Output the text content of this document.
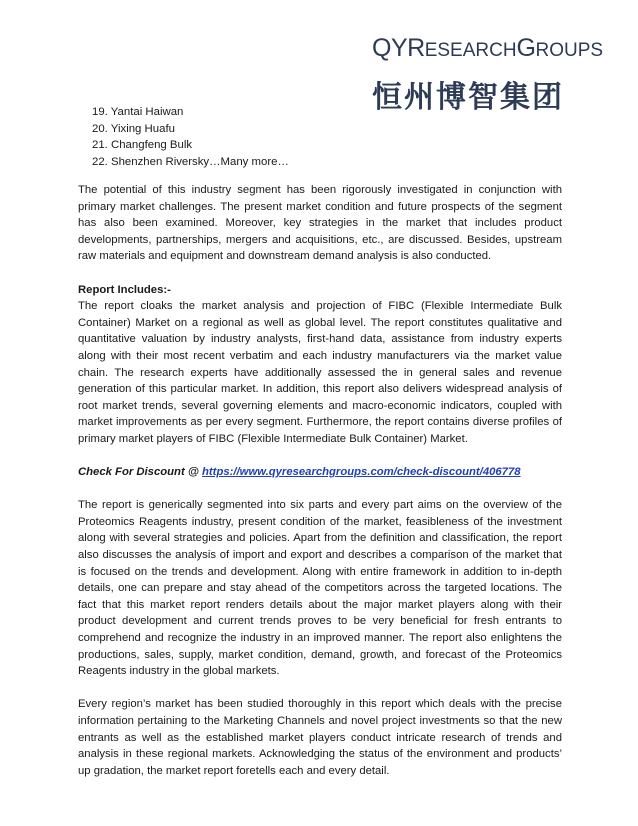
QYRESEARCHGROUPS
恒州博智集团
19. Yantai Haiwan
20. Yixing Huafu
21. Changfeng Bulk
22. Shenzhen Riversky…Many more…

The potential of this industry segment has been rigorously investigated in conjunction with primary market challenges. The present market condition and future prospects of the segment has also been examined. Moreover, key strategies in the market that includes product developments, partnerships, mergers and acquisitions, etc., are discussed. Besides, upstream raw materials and equipment and downstream demand analysis is also conducted.

Report Includes:-
The report cloaks the market analysis and projection of FIBC (Flexible Intermediate Bulk Container) Market on a regional as well as global level. The report constitutes qualitative and quantitative valuation by industry analysts, first-hand data, assistance from industry experts along with their most recent verbatim and each industry manufacturers via the market value chain. The research experts have additionally assessed the in general sales and revenue generation of this particular market. In addition, this report also delivers widespread analysis of root market trends, several governing elements and macro-economic indicators, coupled with market improvements as per every segment. Furthermore, the report contains diverse profiles of primary market players of FIBC (Flexible Intermediate Bulk Container) Market.

Check For Discount @ https://www.qyresearchgroups.com/check-discount/406778

The report is generically segmented into six parts and every part aims on the overview of the Proteomics Reagents industry, present condition of the market, feasibleness of the investment along with several strategies and policies. Apart from the definition and classification, the report also discusses the analysis of import and export and describes a comparison of the market that is focused on the trends and development. Along with entire framework in addition to in-depth details, one can prepare and stay ahead of the competitors across the targeted locations. The fact that this market report renders details about the major market players along with their product development and current trends proves to be very beneficial for fresh entrants to comprehend and recognize the industry in an improved manner. The report also enlightens the productions, sales, supply, market condition, demand, growth, and forecast of the Proteomics Reagents industry in the global markets.

Every region’s market has been studied thoroughly in this report which deals with the precise information pertaining to the Marketing Channels and novel project investments so that the new entrants as well as the established market players conduct intricate research of trends and analysis in these regional markets. Acknowledging the status of the environment and products’ up gradation, the market report foretells each and every detail.
